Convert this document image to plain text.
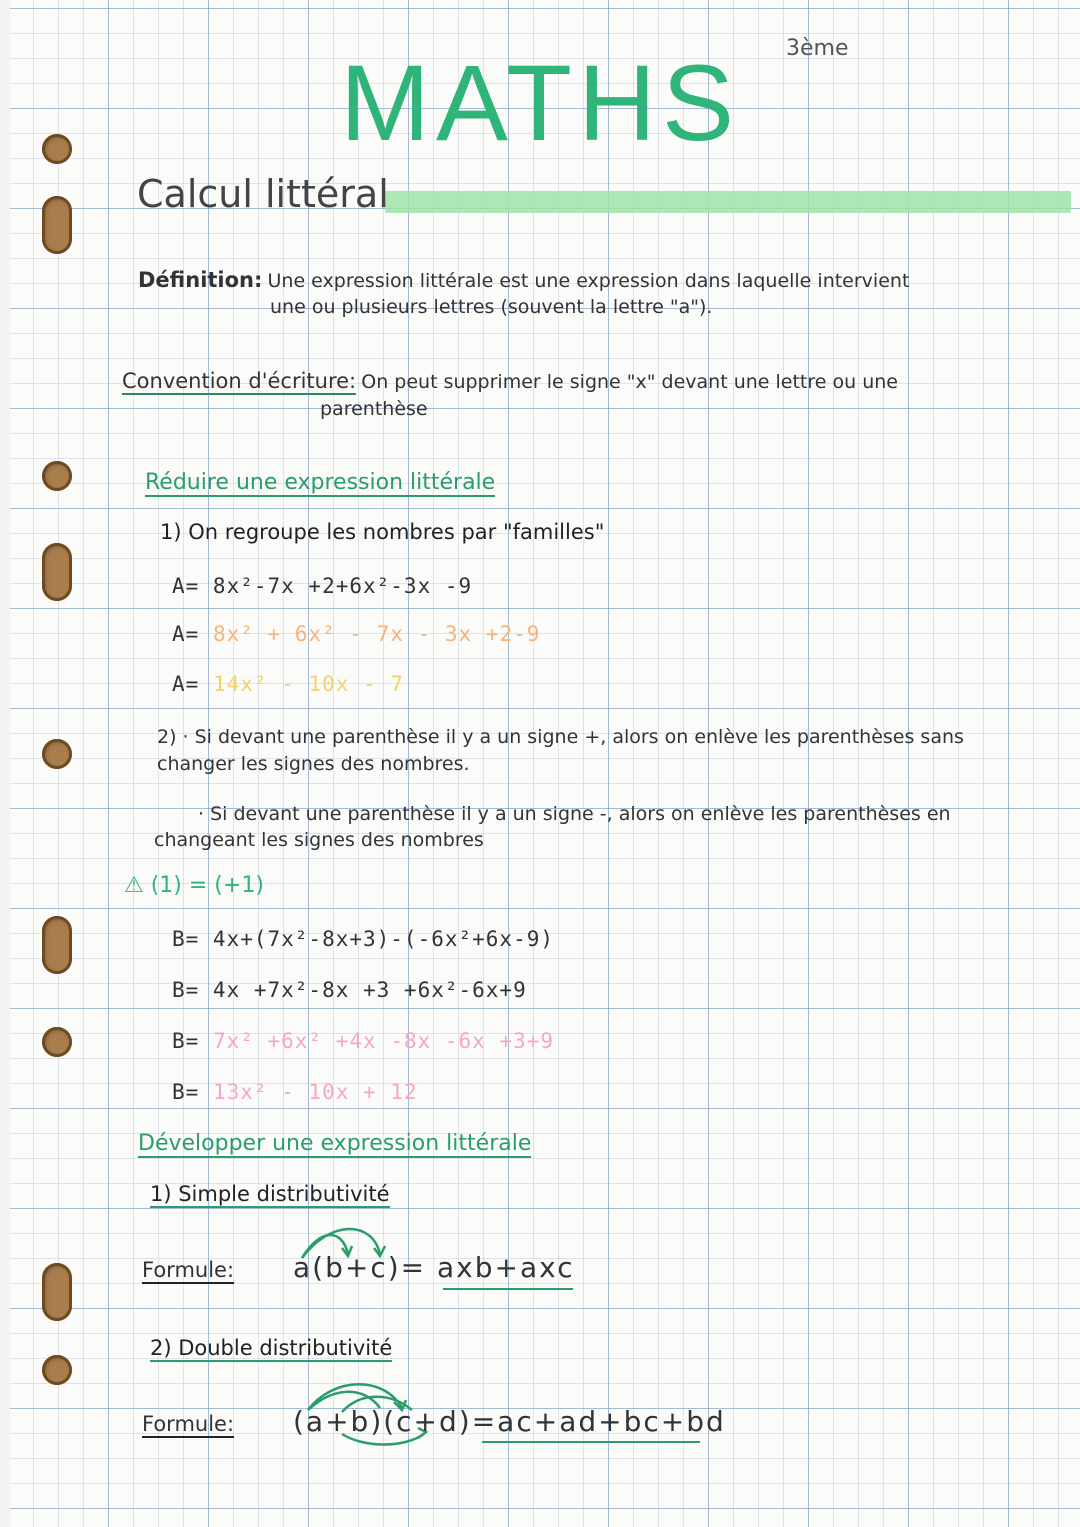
3ème
MATHS
Calcul littéral
Définition: Une expression littérale est une expression dans laquelle intervient
une ou plusieurs lettres (souvent la lettre "a").
Convention d'écriture: On peut supprimer le signe "x" devant une lettre ou une
parenthèse
Réduire une expression littérale
1) On regroupe les nombres par "familles"
A= 8x²-7x +2+6x²-3x -9
A= 8x² + 6x² - 7x - 3x +2-9
A= 14x² - 10x - 7
2) · Si devant une parenthèse il y a un signe +, alors on enlève les parenthèses sans
changer les signes des nombres.
· Si devant une parenthèse il y a un signe -, alors on enlève les parenthèses en
changeant les signes des nombres
⚠ (1) = (+1)
B= 4x+(7x²-8x+3)-(-6x²+6x-9)
B= 4x +7x²-8x +3 +6x²-6x+9
B= 7x² +6x² +4x -8x -6x +3+9
B= 13x² - 10x + 12
Développer une expression littérale
1) Simple distributivité
Formule: a(b+c)= axb+axc
2) Double distributivité
Formule: (a+b)(c+d)=ac+ad+bc+bd
